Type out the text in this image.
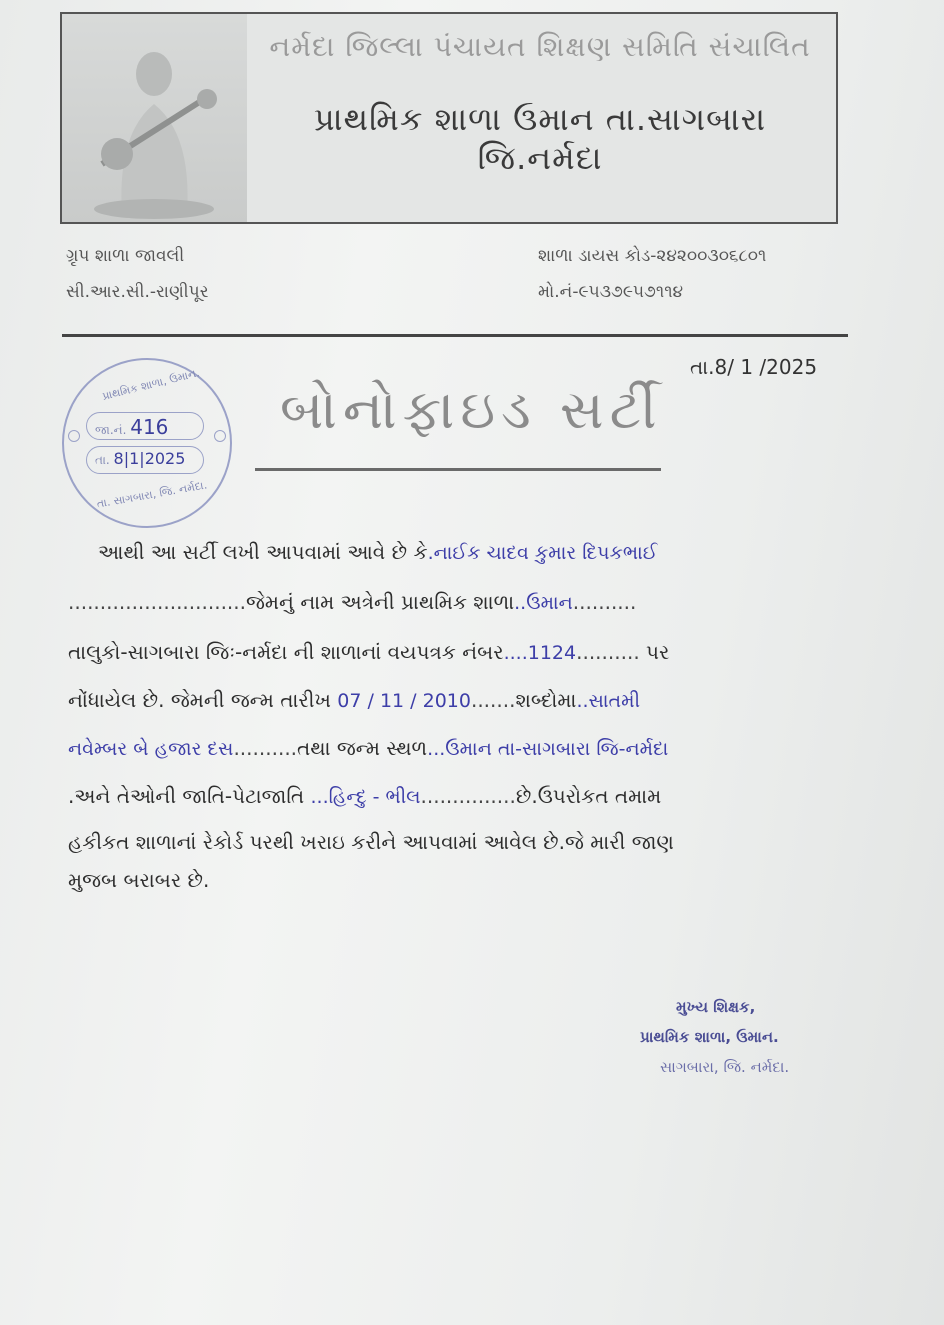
નર્મદા જિલ્લા પંચાયત શિક્ષણ સમિતિ સંચાલિત
પ્રાથમિક શાળા ઉમાન તા.સાગબારા જિ.નર્મદા
ગ્રૃપ શાળા જાવલી
સી.આર.સી.-રાણીપૂર
શાળા ડાયસ કોડ-૨૪૨૦૦૩૦૬૮૦૧
મો.નં-૯૫૩૭૯૫૭૧૧૪
તા.8/ 1 /2025
પ્રાથમિક શાળા, ઉમાન.
જા.નં. 416
તા. 8|1|2025
તા. સાગબારા, જિ. નર્મદા.
બોનોફાઇડ સર્ટી
આથી આ સર્ટી લખી આપવામાં આવે છે કે.નાઈક ચાદવ કુમાર દિપકભાઈ
............................જેમનું નામ અત્રેની પ્રાથમિક શાળા..ઉમાન..........
તાલુકો-સાગબારા જિઃ-નર્મદા ની શાળાનાં વયપત્રક નંબર....1124.......... પર
નોંધાયેલ છે. જેમની જન્મ તારીખ 07 / 11 / 2010.......શબ્દોમા..સાતમી
નવેમ્બર બે હજાર દસ..........તથા જન્મ સ્થળ...ઉમાન તા-સાગબારા જિ-નર્મદા
.અને તેઓની જાતિ-પેટાજાતિ ...હિન્દુ - ભીલ...............છે.ઉપરોકત તમામ
હકીકત શાળાનાં રેકોર્ડ પરથી ખરાઇ કરીને આપવામાં આવેલ છે.જે મારી જાણ
મુજબ બરાબર છે.
મુખ્ય શિક્ષક,
પ્રાથમિક શાળા, ઉમાન.
સાગબારા, જિ. નર્મદા.
